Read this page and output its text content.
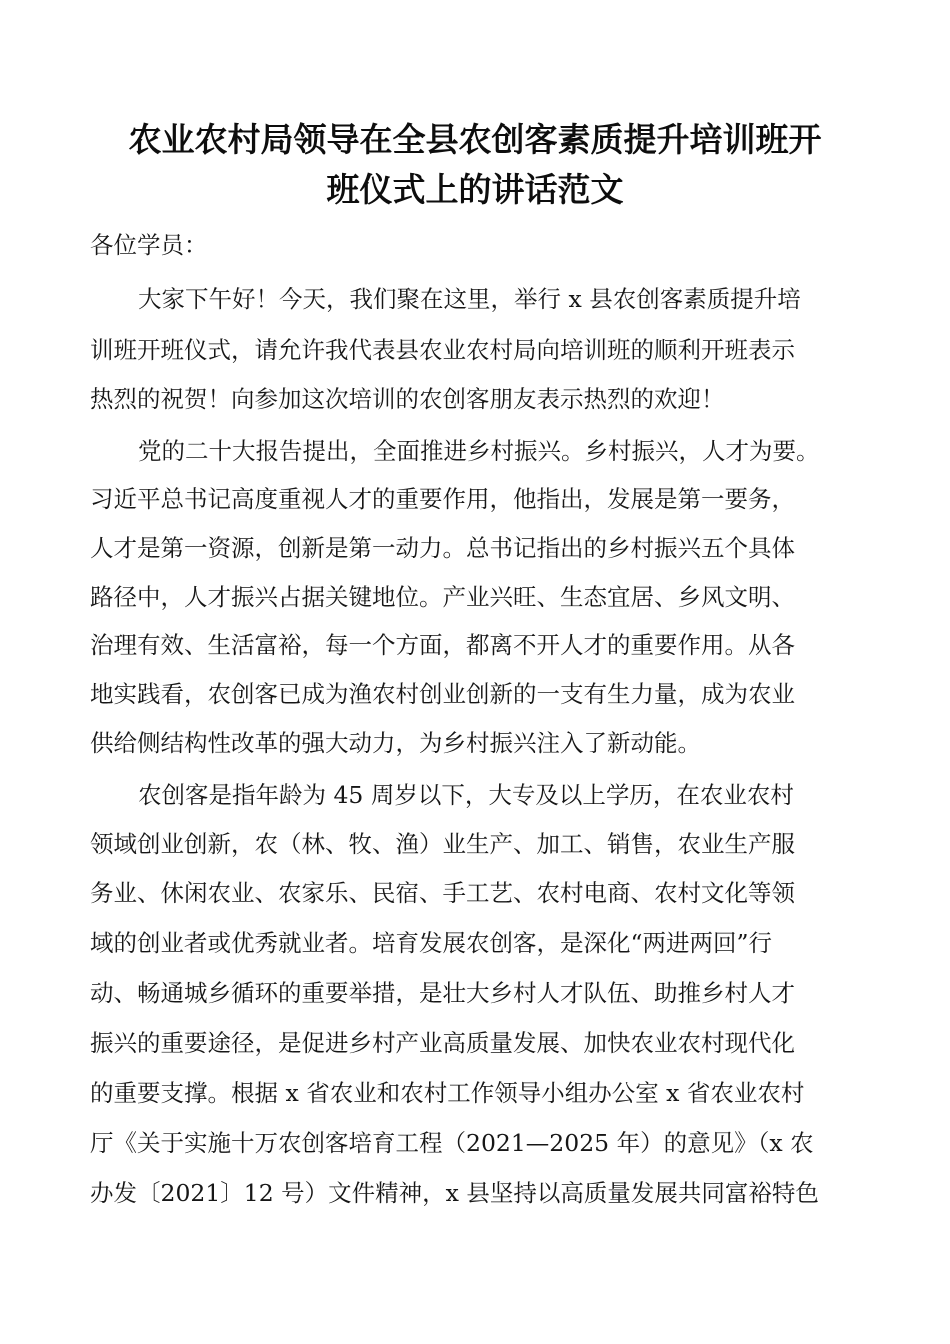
农业农村局领导在全县农创客素质提升培训班开
班仪式上的讲话范文
各位学员：
大家下午好！今天，我们聚在这里，举行 x 县农创客素质提升培
训班开班仪式，请允许我代表县农业农村局向培训班的顺利开班表示
热烈的祝贺！向参加这次培训的农创客朋友表示热烈的欢迎！
党的二十大报告提出，全面推进乡村振兴。乡村振兴，人才为要。
习近平总书记高度重视人才的重要作用，他指出，发展是第一要务，
人才是第一资源，创新是第一动力。总书记指出的乡村振兴五个具体
路径中，人才振兴占据关键地位。产业兴旺、生态宜居、乡风文明、
治理有效、生活富裕，每一个方面，都离不开人才的重要作用。从各
地实践看，农创客已成为渔农村创业创新的一支有生力量，成为农业
供给侧结构性改革的强大动力，为乡村振兴注入了新动能。
农创客是指年龄为 45 周岁以下，大专及以上学历，在农业农村
领域创业创新，农（林、牧、渔）业生产、加工、销售，农业生产服
务业、休闲农业、农家乐、民宿、手工艺、农村电商、农村文化等领
域的创业者或优秀就业者。培育发展农创客，是深化“两进两回”行
动、畅通城乡循环的重要举措，是壮大乡村人才队伍、助推乡村人才
振兴的重要途径，是促进乡村产业高质量发展、加快农业农村现代化
的重要支撑。根据 x 省农业和农村工作领导小组办公室 x 省农业农村
厅《关于实施十万农创客培育工程（2021—2025 年）的意见》（x 农
办发〔2021〕12 号）文件精神，x 县坚持以高质量发展共同富裕特色
